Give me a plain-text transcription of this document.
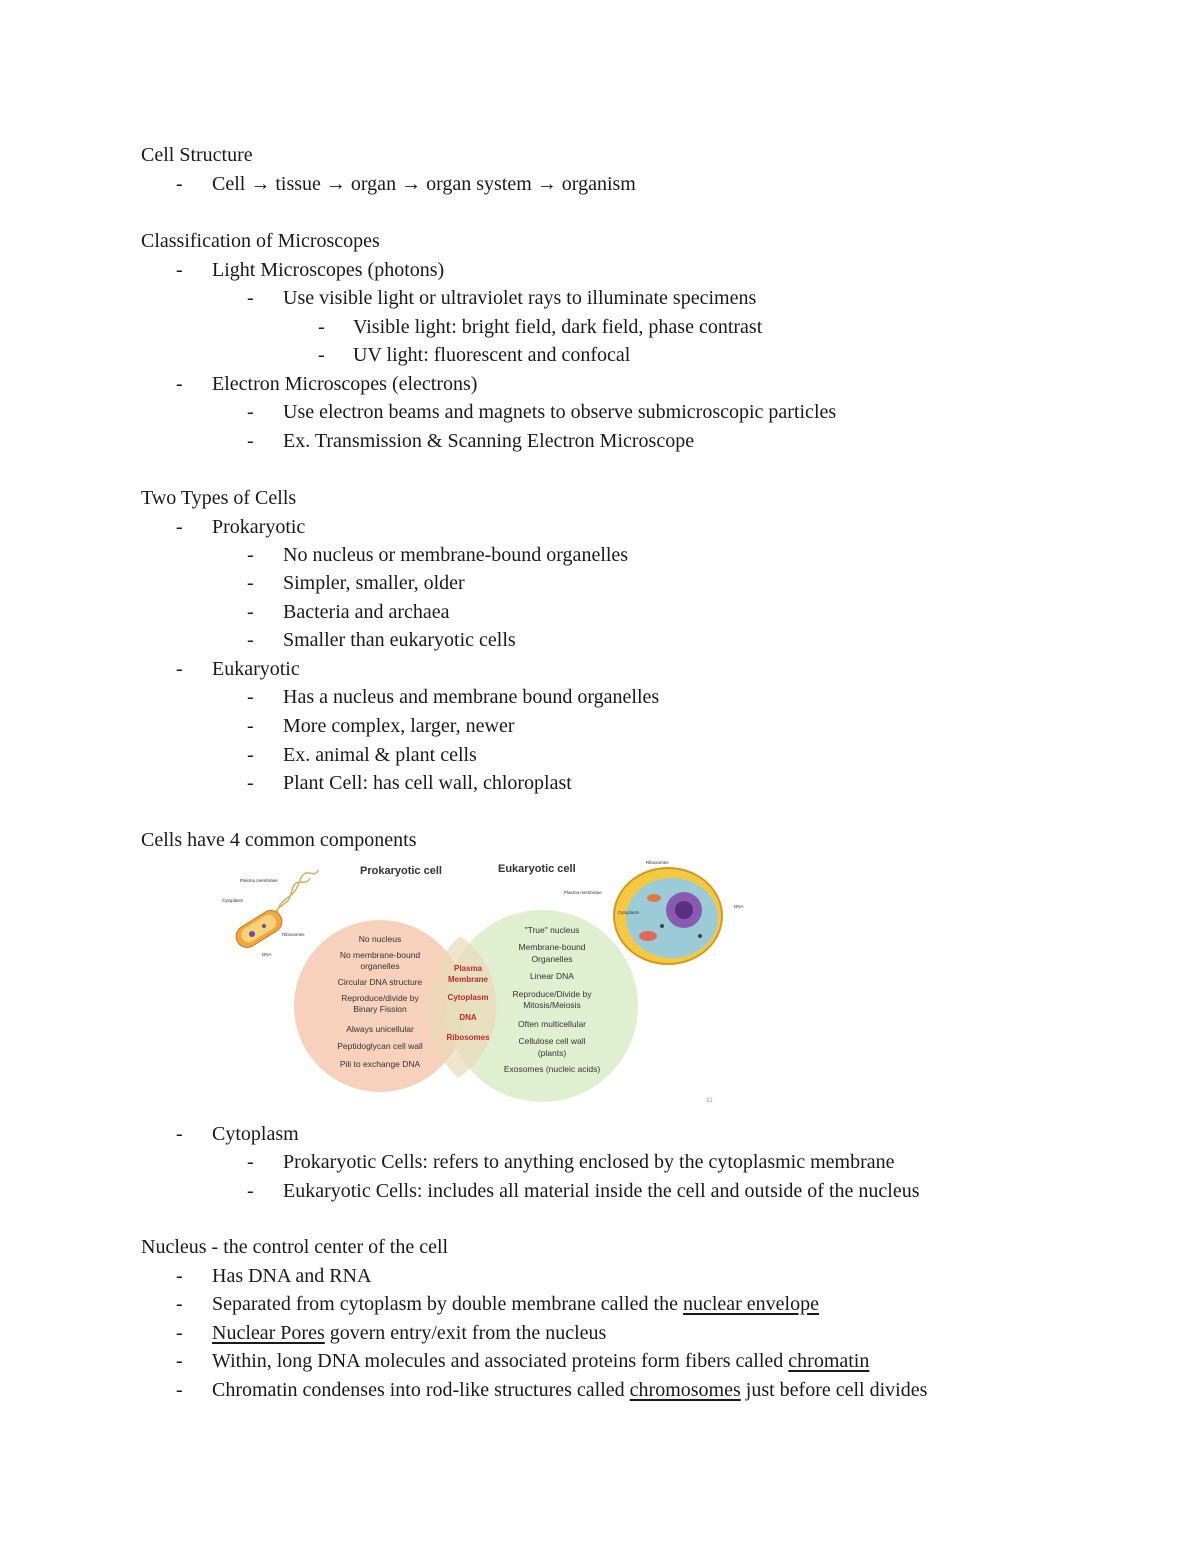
Cell Structure
- Cell → tissue → organ → organ system → organism
Classification of Microscopes
- Light Microscopes (photons)
- Use visible light or ultraviolet rays to illuminate specimens
- Visible light: bright field, dark field, phase contrast
- UV light: fluorescent and confocal
- Electron Microscopes (electrons)
- Use electron beams and magnets to observe submicroscopic particles
- Ex. Transmission & Scanning Electron Microscope
Two Types of Cells
- Prokaryotic
- No nucleus or membrane-bound organelles
- Simpler, smaller, older
- Bacteria and archaea
- Smaller than eukaryotic cells
- Eukaryotic
- Has a nucleus and membrane bound organelles
- More complex, larger, newer
- Ex. animal & plant cells
- Plant Cell: has cell wall, chloroplast
Cells have 4 common components
Prokaryotic cell	Eukaryotic cell
No nucleus
No membrane-bound
organelles
Circular DNA structure
Reproduce/divide by
Binary Fission
Always unicellular
Peptidoglycan cell wall
Pili to exchange DNA
Plasma
Membrane
Cytoplasm
DNA
Ribosomes
"True" nucleus
Membrane-bound
Organelles
Linear DNA
Reproduce/Divide by
Mitosis/Meiosis
Often multicellular
Cellulose cell wall
(plants)
Exosomes (nucleic acids)
Plasma membrane
Cytoplasm
Ribosomes
DNA
Ribosomes
Plasma membrane
Cytoplasm
DNA
31
- Cytoplasm
- Prokaryotic Cells: refers to anything enclosed by the cytoplasmic membrane
- Eukaryotic Cells: includes all material inside the cell and outside of the nucleus
Nucleus - the control center of the cell
- Has DNA and RNA
- Separated from cytoplasm by double membrane called the nuclear envelope
- Nuclear Pores govern entry/exit from the nucleus
- Within, long DNA molecules and associated proteins form fibers called chromatin
- Chromatin condenses into rod-like structures called chromosomes just before cell divides
